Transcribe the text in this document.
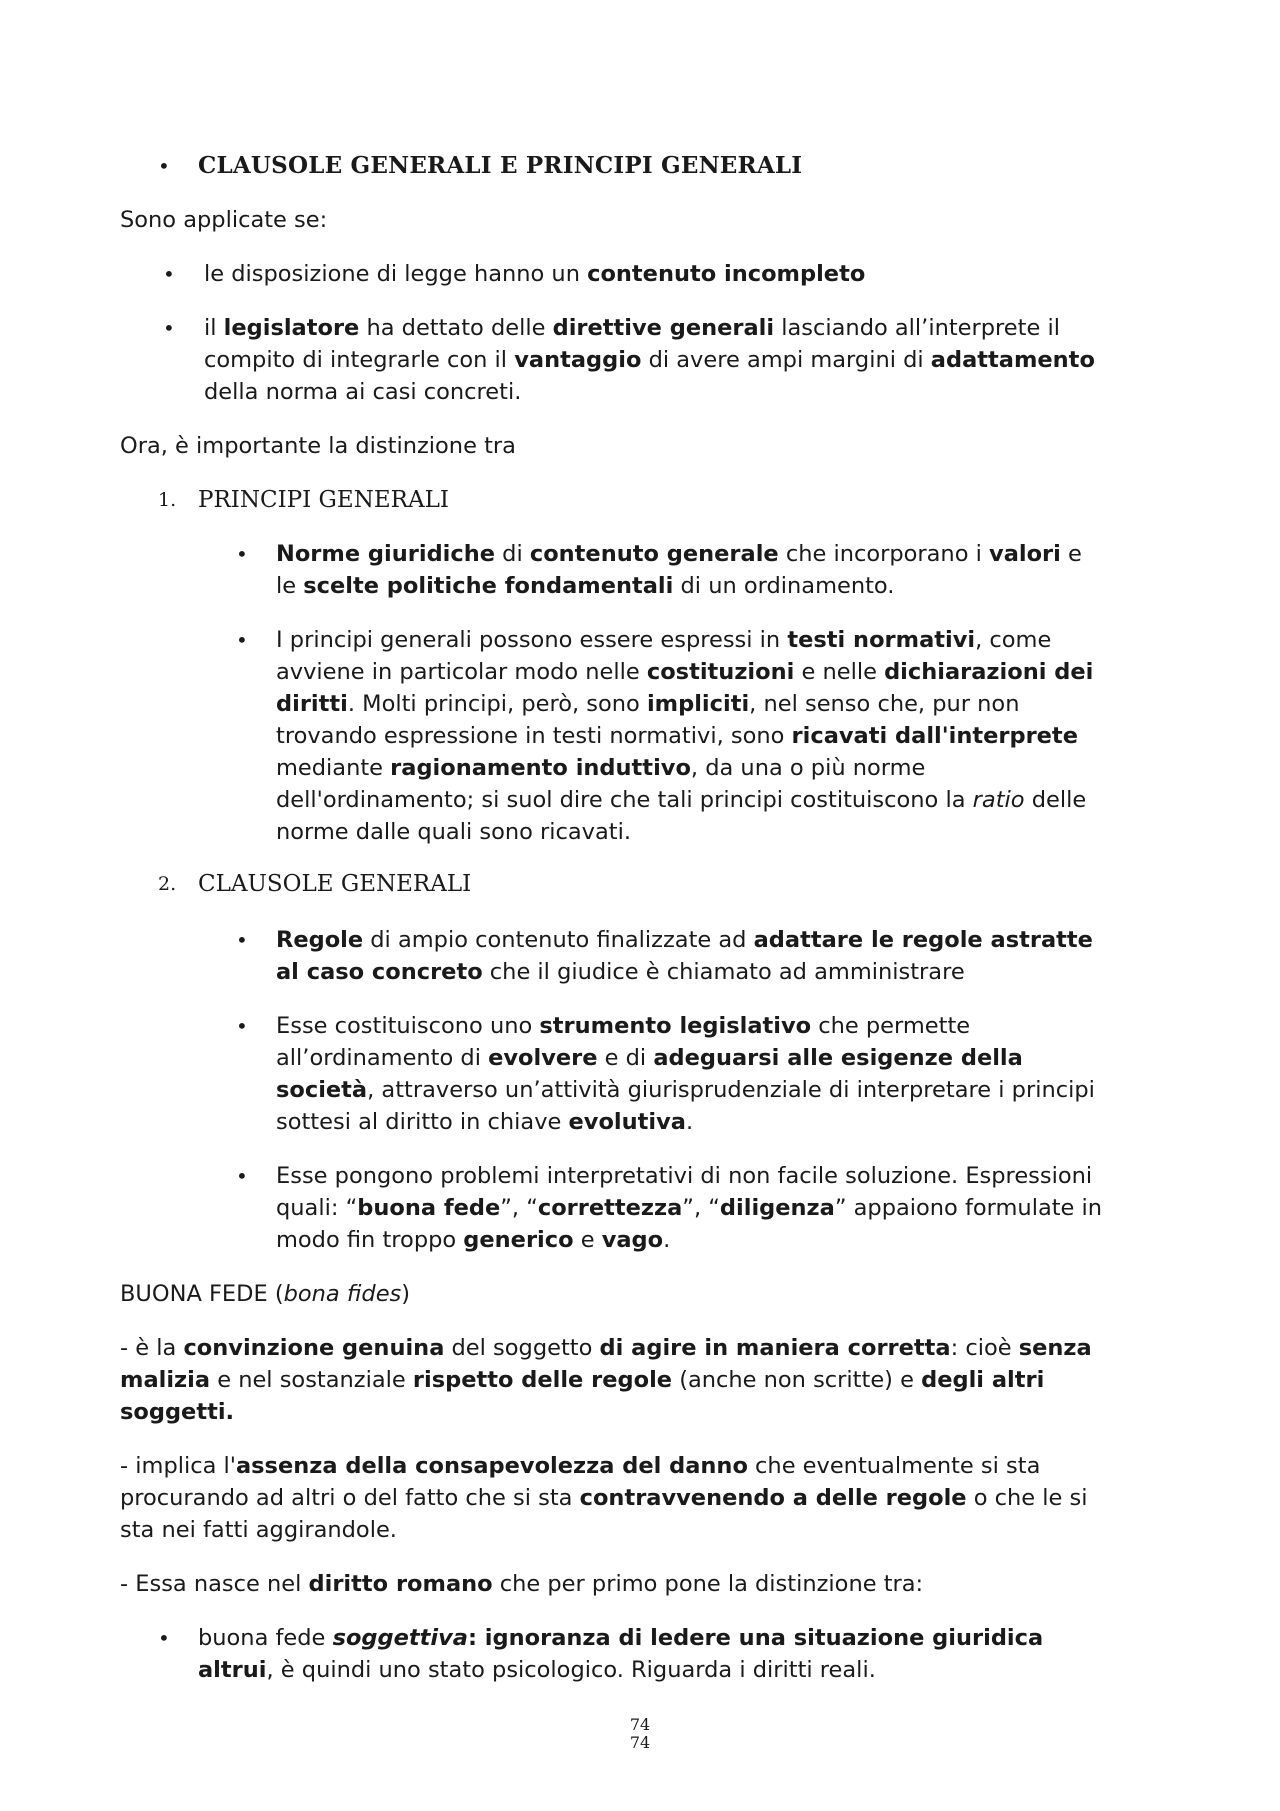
• CLAUSOLE GENERALI E PRINCIPI GENERALI
Sono applicate se:
• le disposizione di legge hanno un contenuto incompleto
• il legislatore ha dettato delle direttive generali lasciando all’interprete il
compito di integrarle con il vantaggio di avere ampi margini di adattamento
della norma ai casi concreti.
Ora, è importante la distinzione tra
1. PRINCIPI GENERALI
• Norme giuridiche di contenuto generale che incorporano i valori e
le scelte politiche fondamentali di un ordinamento.
• I principi generali possono essere espressi in testi normativi, come
avviene in particolar modo nelle costituzioni e nelle dichiarazioni dei
diritti. Molti principi, però, sono impliciti, nel senso che, pur non
trovando espressione in testi normativi, sono ricavati dall'interprete
mediante ragionamento induttivo, da una o più norme
dell'ordinamento; si suol dire che tali principi costituiscono la ratio delle
norme dalle quali sono ricavati.
2. CLAUSOLE GENERALI
• Regole di ampio contenuto finalizzate ad adattare le regole astratte
al caso concreto che il giudice è chiamato ad amministrare
• Esse costituiscono uno strumento legislativo che permette
all’ordinamento di evolvere e di adeguarsi alle esigenze della
società, attraverso un’attività giurisprudenziale di interpretare i principi
sottesi al diritto in chiave evolutiva.
• Esse pongono problemi interpretativi di non facile soluzione. Espressioni
quali: “buona fede”, “correttezza”, “diligenza” appaiono formulate in
modo fin troppo generico e vago.
BUONA FEDE (bona fides)
- è la convinzione genuina del soggetto di agire in maniera corretta: cioè senza
malizia e nel sostanziale rispetto delle regole (anche non scritte) e degli altri
soggetti.
- implica l'assenza della consapevolezza del danno che eventualmente si sta
procurando ad altri o del fatto che si sta contravvenendo a delle regole o che le si
sta nei fatti aggirandole.
- Essa nasce nel diritto romano che per primo pone la distinzione tra:
• buona fede soggettiva: ignoranza di ledere una situazione giuridica
altrui, è quindi uno stato psicologico. Riguarda i diritti reali.
74
74
